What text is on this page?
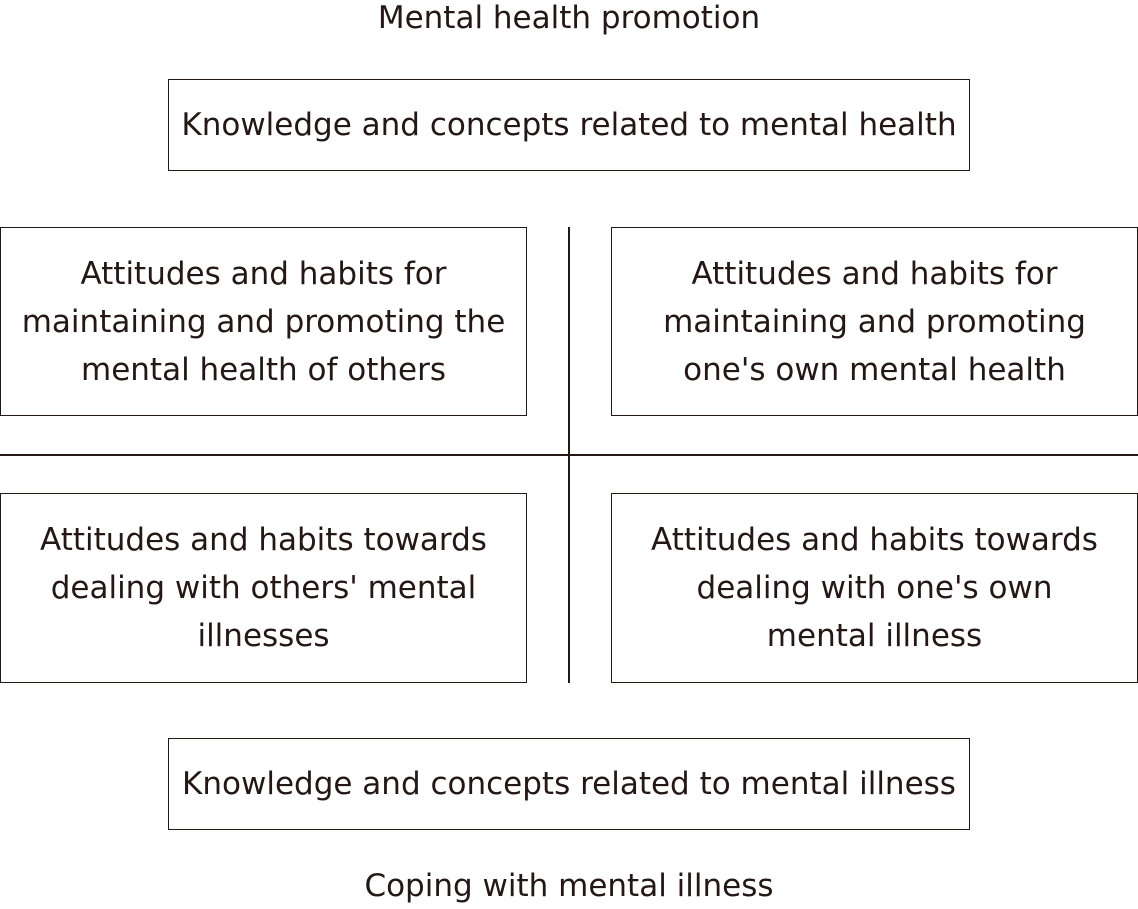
Mental health promotion
Knowledge and concepts related to mental health
Attitudes and habits for maintaining and promoting the mental health of others
Attitudes and habits for maintaining and promoting one's own mental health
Attitudes and habits towards dealing with others' mental illnesses
Attitudes and habits towards dealing with one's own mental illness
Knowledge and concepts related to mental illness
Coping with mental illness
